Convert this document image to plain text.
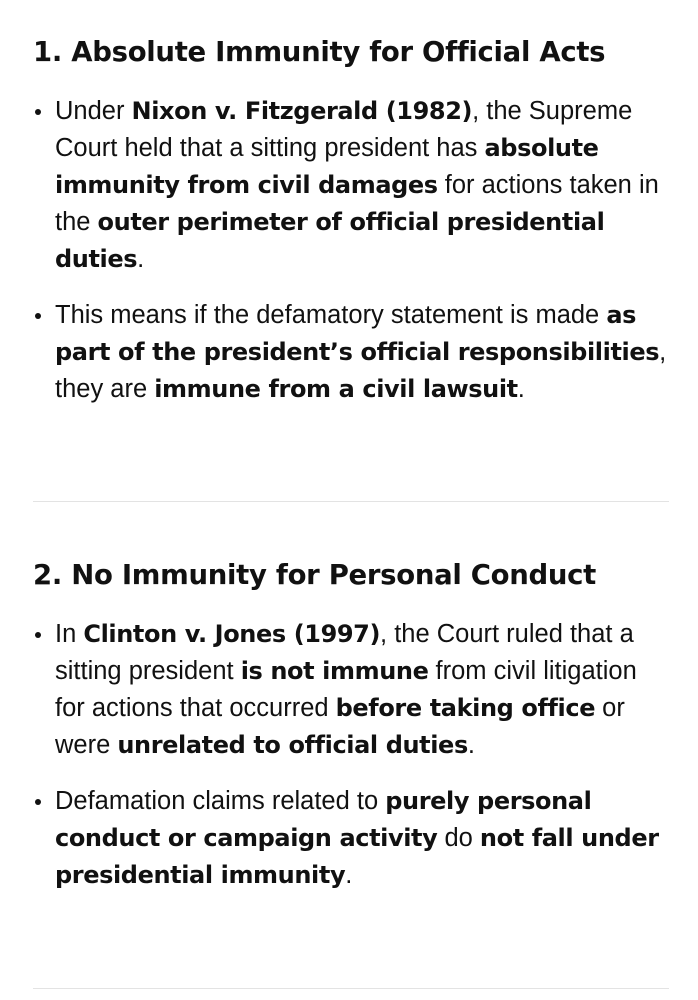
1. Absolute Immunity for Official Acts
Under Nixon v. Fitzgerald (1982), the Supreme Court held that a sitting president has absolute immunity from civil damages for actions taken in the outer perimeter of official presidential duties.
This means if the defamatory statement is made as part of the president’s official responsibilities, they are immune from a civil lawsuit.
2. No Immunity for Personal Conduct
In Clinton v. Jones (1997), the Court ruled that a sitting president is not immune from civil litigation for actions that occurred before taking office or were unrelated to official duties.
Defamation claims related to purely personal conduct or campaign activity do not fall under presidential immunity.
